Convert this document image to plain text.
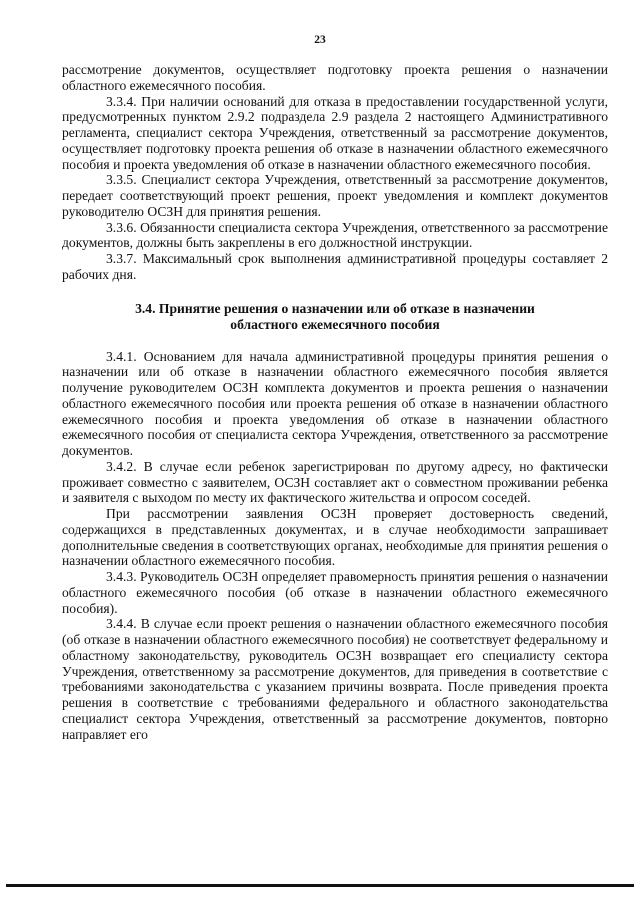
23

рассмотрение документов, осуществляет подготовку проекта решения о назначении областного ежемесячного пособия.

3.3.4. При наличии оснований для отказа в предоставлении государственной услуги, предусмотренных пунктом 2.9.2 подраздела 2.9 раздела 2 настоящего Административного регламента, специалист сектора Учреждения, ответственный за рассмотрение документов, осуществляет подготовку проекта решения об отказе в назначении областного ежемесячного пособия и проекта уведомления об отказе в назначении областного ежемесячного пособия.

3.3.5. Специалист сектора Учреждения, ответственный за рассмотрение документов, передает соответствующий проект решения, проект уведомления и комплект документов руководителю ОСЗН для принятия решения.

3.3.6. Обязанности специалиста сектора Учреждения, ответственного за рассмотрение документов, должны быть закреплены в его должностной инструкции.

3.3.7. Максимальный срок выполнения административной процедуры составляет 2 рабочих дня.

3.4. Принятие решения о назначении или об отказе в назначении
областного ежемесячного пособия

3.4.1. Основанием для начала административной процедуры принятия решения о назначении или об отказе в назначении областного ежемесячного пособия является получение руководителем ОСЗН комплекта документов и проекта решения о назначении областного ежемесячного пособия или проекта решения об отказе в назначении областного ежемесячного пособия и проекта уведомления об отказе в назначении областного ежемесячного пособия от специалиста сектора Учреждения, ответственного за рассмотрение документов.

3.4.2. В случае если ребенок зарегистрирован по другому адресу, но фактически проживает совместно с заявителем, ОСЗН составляет акт о совместном проживании ребенка и заявителя с выходом по месту их фактического жительства и опросом соседей.

При рассмотрении заявления ОСЗН проверяет достоверность сведений, содержащихся в представленных документах, и в случае необходимости запрашивает дополнительные сведения в соответствующих органах, необходимые для принятия решения о назначении областного ежемесячного пособия.

3.4.3. Руководитель ОСЗН определяет правомерность принятия решения о назначении областного ежемесячного пособия (об отказе в назначении областного ежемесячного пособия).

3.4.4. В случае если проект решения о назначении областного ежемесячного пособия (об отказе в назначении областного ежемесячного пособия) не соответствует федеральному и областному законодательству, руководитель ОСЗН возвращает его специалисту сектора Учреждения, ответственному за рассмотрение документов, для приведения в соответствие с требованиями законодательства с указанием причины возврата. После приведения проекта решения в соответствие с требованиями федерального и областного законодательства специалист сектора Учреждения, ответственный за рассмотрение документов, повторно направляет его
